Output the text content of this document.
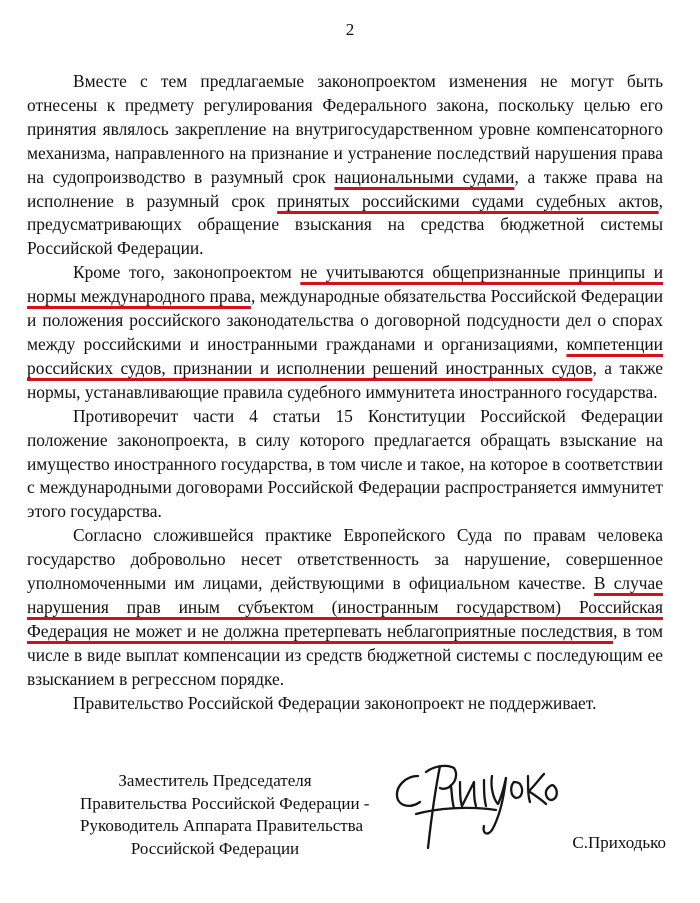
2

Вместе с тем предлагаемые законопроектом изменения не могут быть отнесены к предмету регулирования Федерального закона, поскольку целью его принятия являлось закрепление на внутригосударственном уровне компенсаторного механизма, направленного на признание и устранение последствий нарушения права на судопроизводство в разумный срок национальными судами, а также права на исполнение в разумный срок принятых российскими судами судебных актов, предусматривающих обращение взыскания на средства бюджетной системы Российской Федерации.

Кроме того, законопроектом не учитываются общепризнанные принципы и нормы международного права, международные обязательства Российской Федерации и положения российского законодательства о договорной подсудности дел о спорах между российскими и иностранными гражданами и организациями, компетенции российских судов, признании и исполнении решений иностранных судов, а также нормы, устанавливающие правила судебного иммунитета иностранного государства.

Противоречит части 4 статьи 15 Конституции Российской Федерации положение законопроекта, в силу которого предлагается обращать взыскание на имущество иностранного государства, в том числе и такое, на которое в соответствии с международными договорами Российской Федерации распространяется иммунитет этого государства.

Согласно сложившейся практике Европейского Суда по правам человека государство добровольно несет ответственность за нарушение, совершенное уполномоченными им лицами, действующими в официальном качестве. В случае нарушения прав иным субъектом (иностранным государством) Российская Федерация не может и не должна претерпевать неблагоприятные последствия, в том числе в виде выплат компенсации из средств бюджетной системы с последующим ее взысканием в регрессном порядке.

Правительство Российской Федерации законопроект не поддерживает.

Заместитель Председателя
Правительства Российской Федерации -
Руководитель Аппарата Правительства
Российской Федерации	С.Приходько
